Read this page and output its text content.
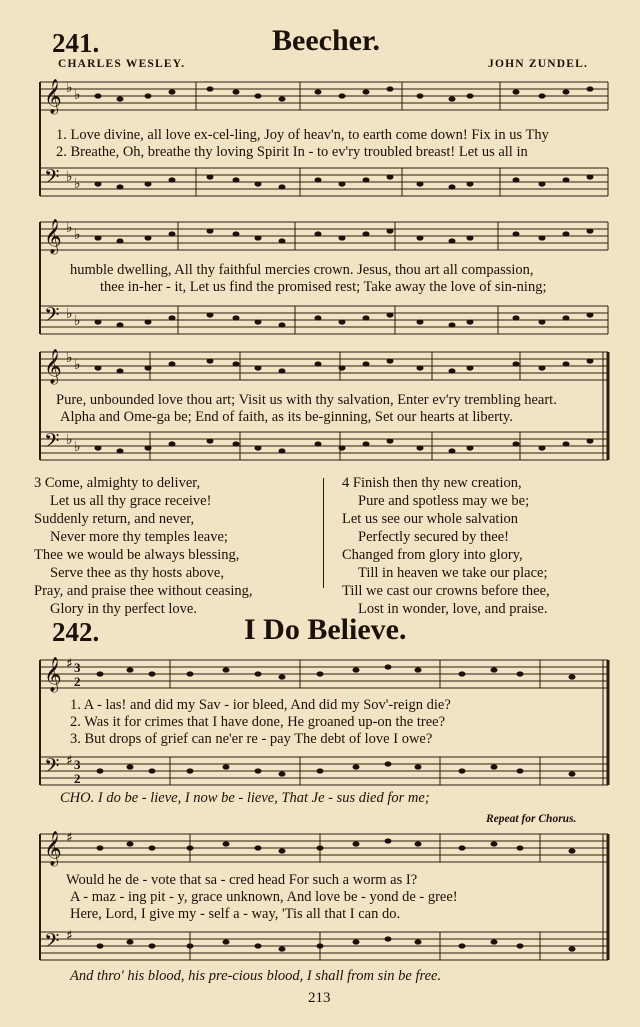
241.	Beecher.
CHARLES WESLEY.	JOHN ZUNDEL.
𝄞
𝄢
𝄞
𝄢
𝄞
𝄢
𝄞
𝄢
𝄞
𝄢
♭ ♭
♭ ♭
♭ ♭
♭ ♭
♭ ♭
♭ ♭
♯
♯
♯
♯
3
2
3
2
1. Love divine, all love ex-cel-ling, Joy of heav'n, to earth come down! Fix in us Thy
2. Breathe, Oh, breathe thy loving Spirit In - to ev'ry troubled breast! Let us all in
humble dwelling, All thy faithful mercies crown. Jesus, thou art all compassion,
thee in-her - it, Let us find the promised rest; Take away the love of sin-ning;
Pure, unbounded love thou art; Visit us with thy salvation, Enter ev'ry trembling heart.
Alpha and Ome-ga be; End of faith, as its be-ginning, Set our hearts at liberty.
3 Come, almighty to deliver,
Let us all thy grace receive!
Suddenly return, and never,
Never more thy temples leave;
Thee we would be always blessing,
Serve thee as thy hosts above,
Pray, and praise thee without ceasing,
Glory in thy perfect love.
4 Finish then thy new creation,
Pure and spotless may we be;
Let us see our whole salvation
Perfectly secured by thee!
Changed from glory into glory,
Till in heaven we take our place;
Till we cast our crowns before thee,
Lost in wonder, love, and praise.
242.	I Do Believe.
1. A - las! and did my Sav - ior bleed, And did my Sov'-reign die?
2. Was it for crimes that I have done, He groaned up-on the tree?
3. But drops of grief can ne'er re - pay The debt of love I owe?
CHO. I do be - lieve, I now be - lieve, That Je - sus died for me;
Repeat for Chorus.
Would he de - vote that sa - cred head For such a worm as I?
A - maz - ing pit - y, grace unknown, And love be - yond de - gree!
Here, Lord, I give my - self a - way, 'Tis all that I can do.
And thro' his blood, his pre-cious blood, I shall from sin be free.
213
